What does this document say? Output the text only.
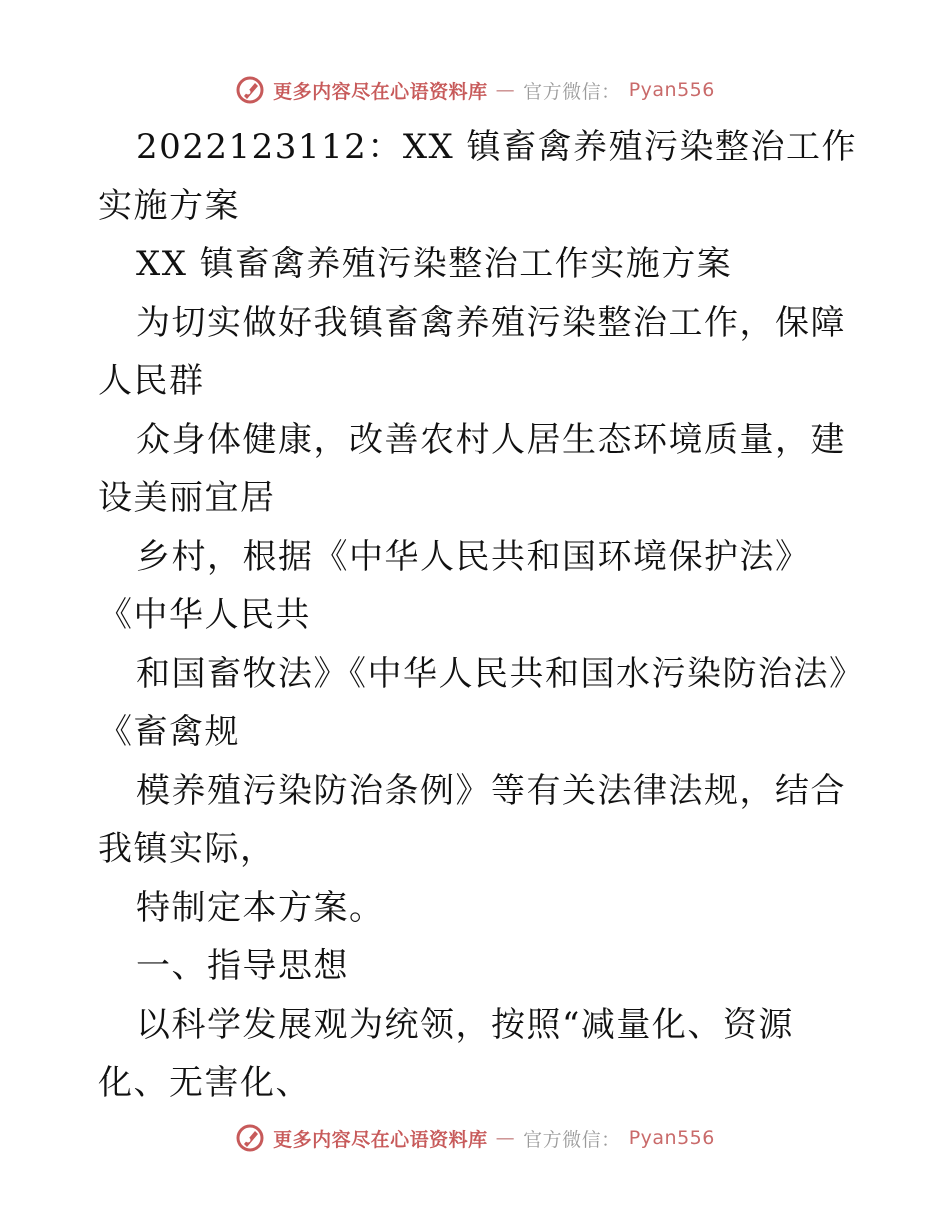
更多内容尽在心语资料库 — 官方微信： Pyan556

2022123112：XX 镇畜禽养殖污染整治工作实施方案

XX 镇畜禽养殖污染整治工作实施方案

为切实做好我镇畜禽养殖污染整治工作，保障人民群

众身体健康，改善农村人居生态环境质量，建设美丽宜居

乡村，根据《中华人民共和国环境保护法》《中华人民共

和国畜牧法》《中华人民共和国水污染防治法》《畜禽规

模养殖污染防治条例》等有关法律法规，结合我镇实际，

特制定本方案。

一、指导思想

以科学发展观为统领，按照“减量化、资源化、无害化、

更多内容尽在心语资料库 — 官方微信： Pyan556
